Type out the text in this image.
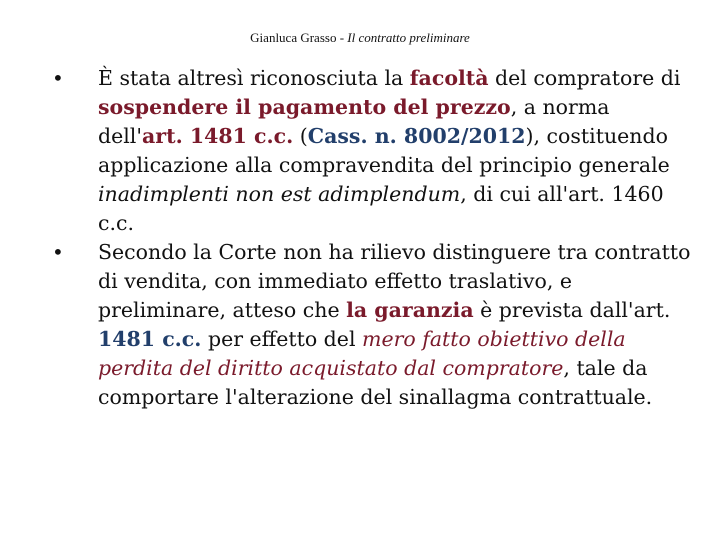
Gianluca Grasso - Il contratto preliminare
•	È stata altresì riconosciuta la facoltà del compratore di sospendere il pagamento del prezzo, a norma dell'art. 1481 c.c. (Cass. n. 8002/2012), costituendo applicazione alla compravendita del principio generale inadimplenti non est adimplendum, di cui all'art. 1460 c.c.
•	Secondo la Corte non ha rilievo distinguere tra contratto di vendita, con immediato effetto traslativo, e preliminare, atteso che la garanzia è prevista dall'art. 1481 c.c. per effetto del mero fatto obiettivo della perdita del diritto acquistato dal compratore, tale da comportare l'alterazione del sinallagma contrattuale.
